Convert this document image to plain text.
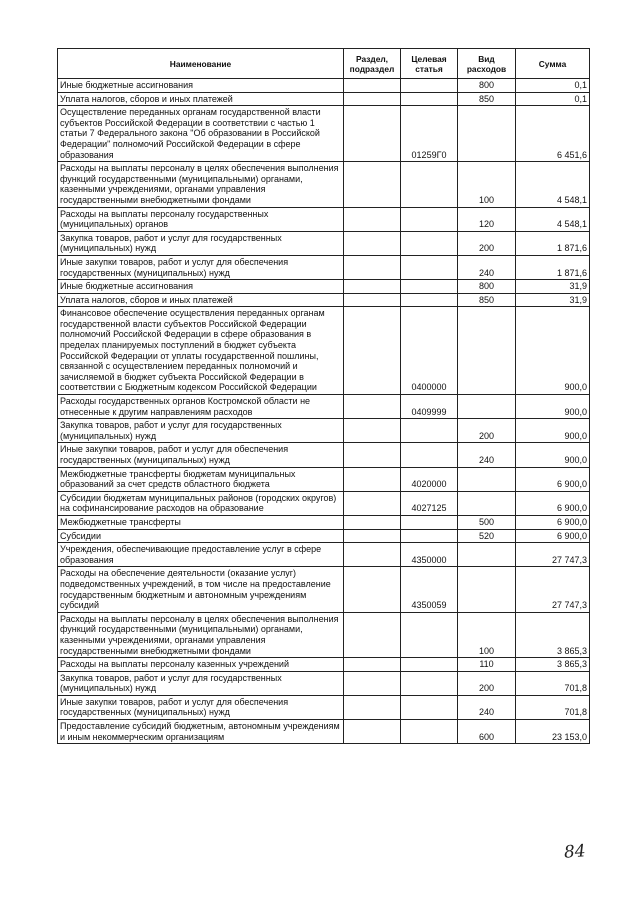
Наименование	Раздел, подраздел	Целевая статья	Вид расходов	Сумма
Иные бюджетные ассигнования			800	0,1
Уплата налогов, сборов и иных платежей			850	0,1
Осуществление переданных органам государственной власти субъектов Российской Федерации в соответствии с частью 1 статьи 7 Федерального закона "Об образовании в Российской Федерации" полномочий Российской Федерации в сфере образования		01259Г0		6 451,6
Расходы на выплаты персоналу в целях обеспечения выполнения функций государственными (муниципальными) органами, казенными учреждениями, органами управления государственными внебюджетными фондами			100	4 548,1
Расходы на выплаты персоналу государственных (муниципальных) органов			120	4 548,1
Закупка товаров, работ и услуг для государственных (муниципальных) нужд			200	1 871,6
Иные закупки товаров, работ и услуг для обеспечения государственных (муниципальных) нужд			240	1 871,6
Иные бюджетные ассигнования			800	31,9
Уплата налогов, сборов и иных платежей			850	31,9
Финансовое обеспечение осуществления переданных органам государственной власти субъектов Российской Федерации полномочий Российской Федерации в сфере образования в пределах планируемых поступлений в бюджет субъекта Российской Федерации от уплаты государственной пошлины, связанной с осуществлением переданных полномочий и зачисляемой в бюджет субъекта Российской Федерации в соответствии с Бюджетным кодексом Российской Федерации		0400000		900,0
Расходы государственных органов Костромской области не отнесенные к другим направлениям расходов		0409999		900,0
Закупка товаров, работ и услуг для государственных (муниципальных) нужд			200	900,0
Иные закупки товаров, работ и услуг для обеспечения государственных (муниципальных) нужд			240	900,0
Межбюджетные трансферты бюджетам муниципальных образований за счет средств областного бюджета		4020000		6 900,0
Субсидии бюджетам муниципальных районов (городских округов) на софинансирование расходов на образование		4027125		6 900,0
Межбюджетные трансферты			500	6 900,0
Субсидии			520	6 900,0
Учреждения, обеспечивающие предоставление услуг в сфере образования		4350000		27 747,3
Расходы на обеспечение деятельности (оказание услуг) подведомственных учреждений, в том числе на предоставление государственным бюджетным и автономным учреждениям субсидий		4350059		27 747,3
Расходы на выплаты персоналу в целях обеспечения выполнения функций государственными (муниципальными) органами, казенными учреждениями, органами управления государственными внебюджетными фондами			100	3 865,3
Расходы на выплаты персоналу казенных учреждений			110	3 865,3
Закупка товаров, работ и услуг для государственных (муниципальных) нужд			200	701,8
Иные закупки товаров, работ и услуг для обеспечения государственных (муниципальных) нужд			240	701,8
Предоставление субсидий бюджетным, автономным учреждениям и иным некоммерческим организациям			600	23 153,0
84
